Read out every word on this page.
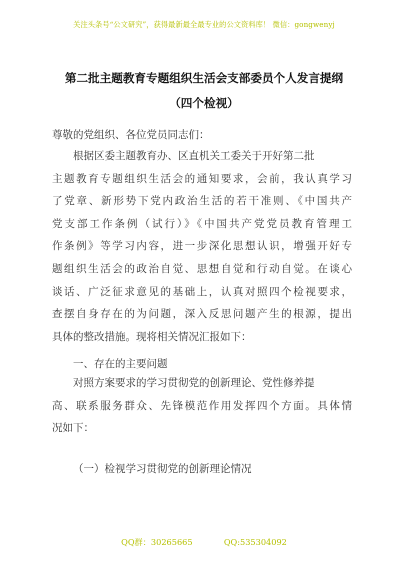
关注头条号“公文研究”，获得最新最全最专业的公文资料库！ 微信：gongwenyj
第二批主题教育专题组织生活会支部委员个人发言提纲
（四个检视）
尊敬的党组织、各位党员同志们：
根据区委主题教育办、区直机关工委关于开好第二批
主题教育专题组织生活会的通知要求，会前，我认真学习
了党章、新形势下党内政治生活的若干准则、《中国共产
党支部工作条例（试行）》《中国共产党党员教育管理工
作条例》等学习内容，进一步深化思想认识，增强开好专
题组织生活会的政治自觉、思想自觉和行动自觉。在谈心
谈话、广泛征求意见的基础上，认真对照四个检视要求，
查摆自身存在的为问题，深入反思问题产生的根源，提出
具体的整改措施。现将相关情况汇报如下：
一、存在的主要问题
对照方案要求的学习贯彻党的创新理论、党性修养提
高、联系服务群众、先锋模范作用发挥四个方面。具体情
况如下：
（一）检视学习贯彻党的创新理论情况
QQ群：30265665	QQ:535304092
